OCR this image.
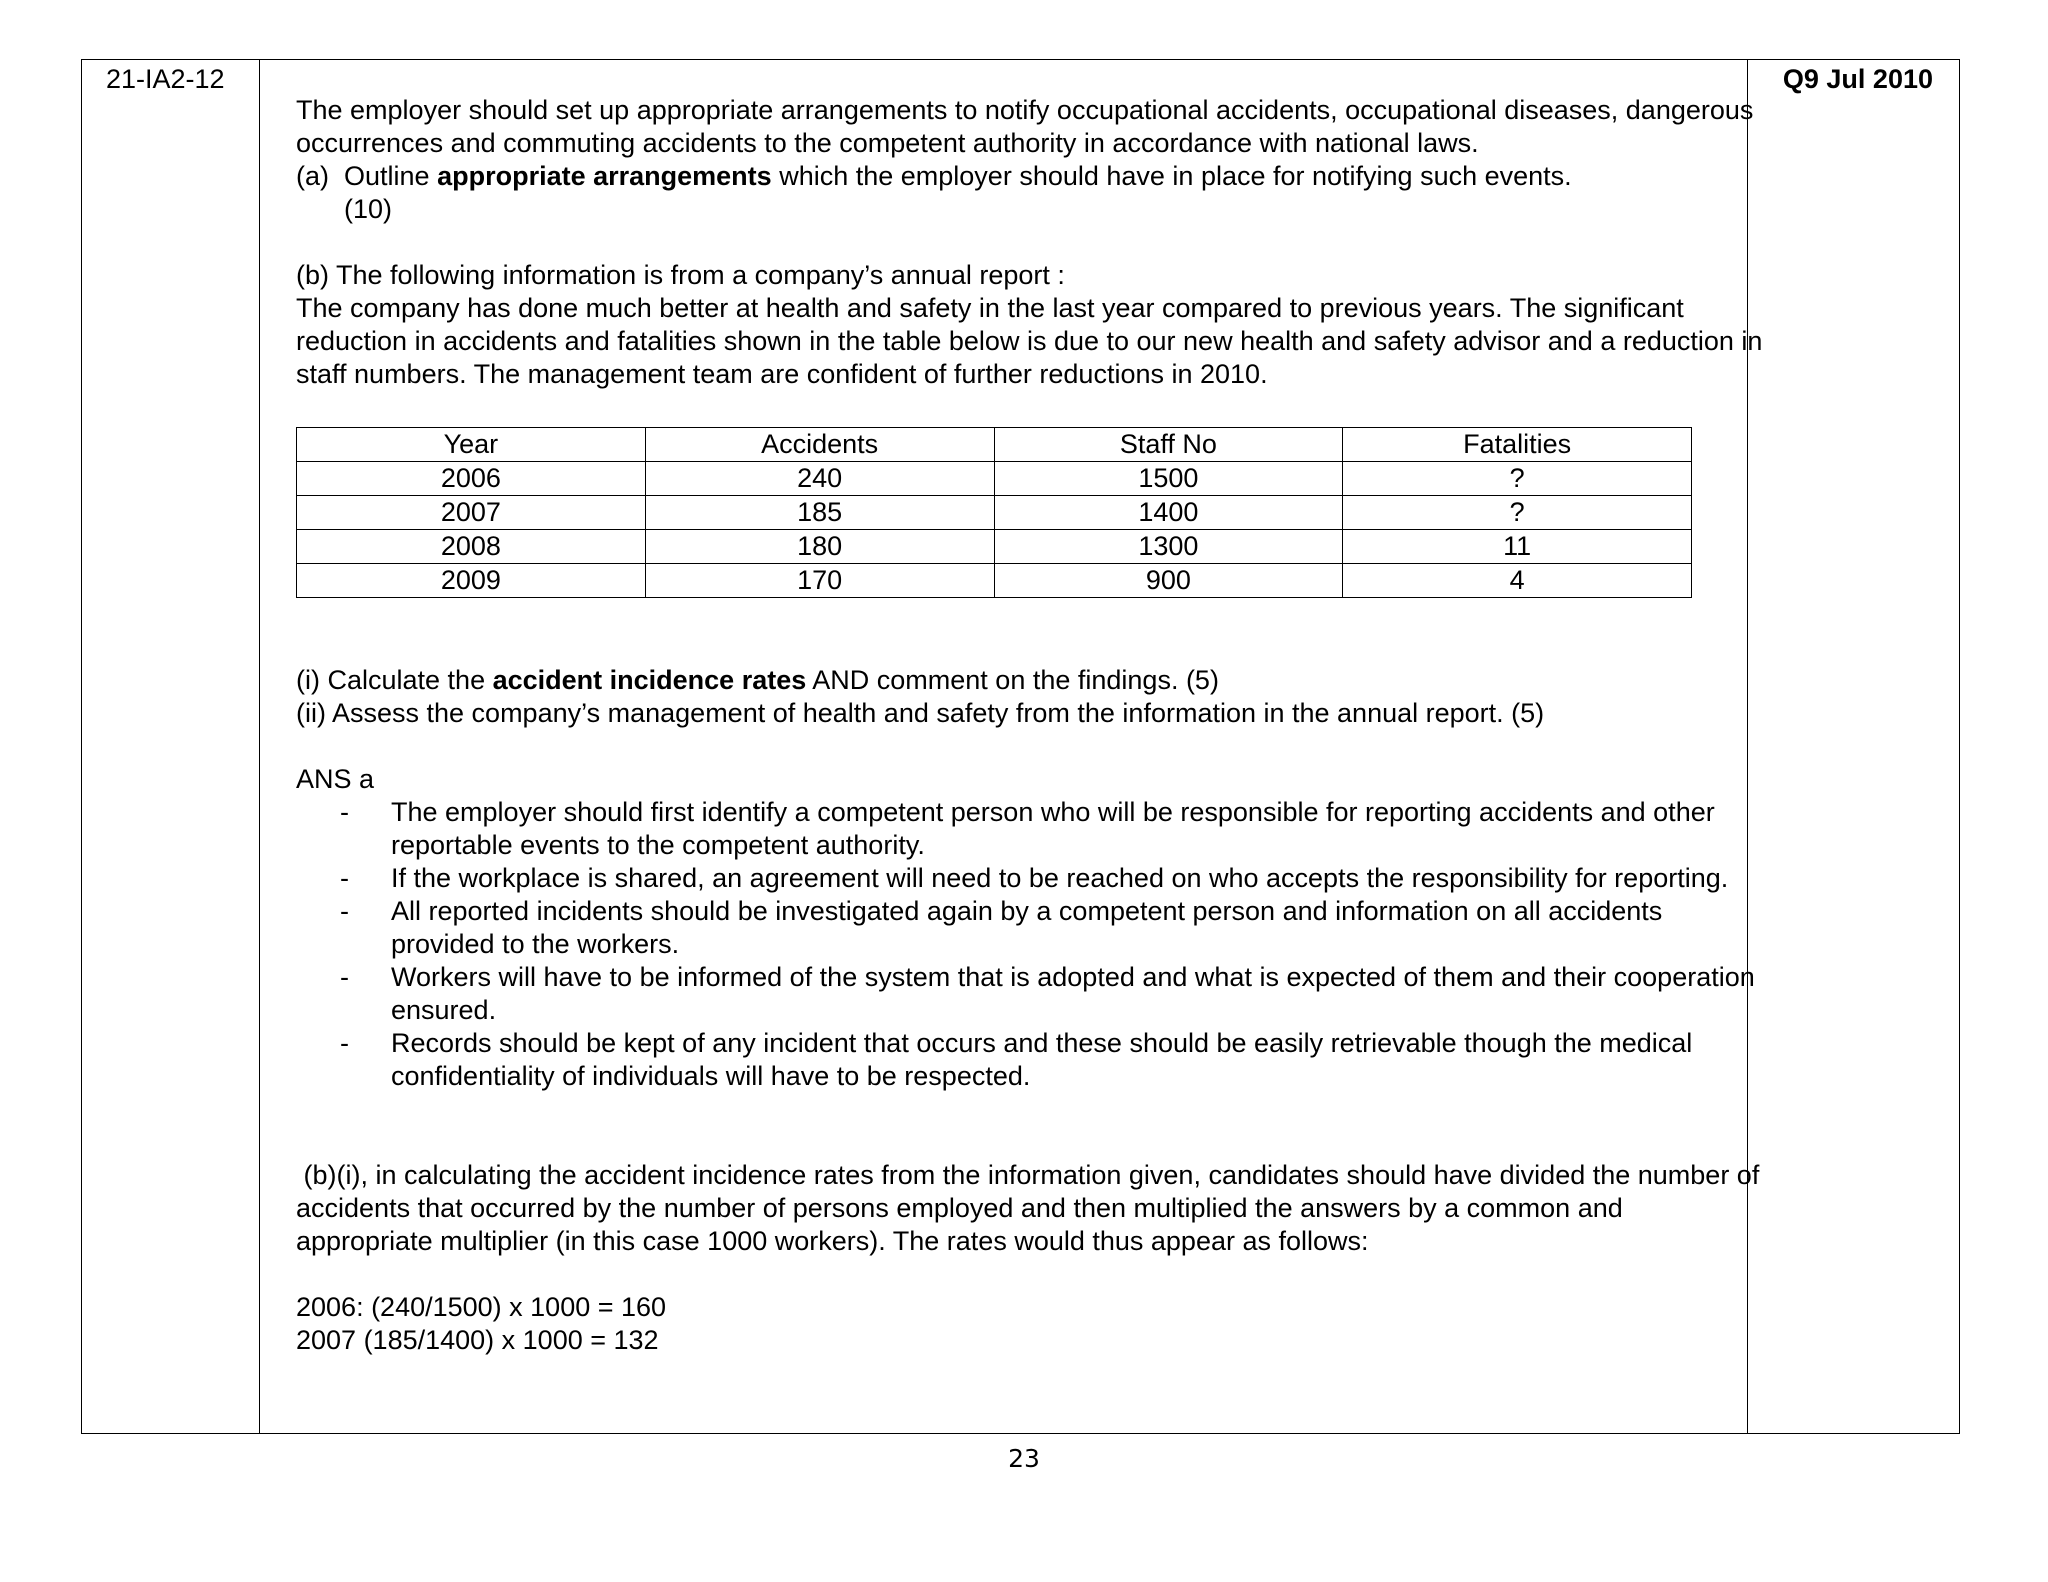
21-IA2-12	Q9 Jul 2010

The employer should set up appropriate arrangements to notify occupational accidents, occupational diseases, dangerous occurrences and commuting accidents to the competent authority in accordance with national laws.

(a) Outline appropriate arrangements which the employer should have in place for notifying such events.
(10)

(b) The following information is from a company’s annual report :

The company has done much better at health and safety in the last year compared to previous years. The significant reduction in accidents and fatalities shown in the table below is due to our new health and safety advisor and a reduction in staff numbers. The management team are confident of further reductions in 2010.

Year	Accidents	Staff No	Fatalities
2006	240	1500	?
2007	185	1400	?
2008	180	1300	11
2009	170	900	4

(i) Calculate the accident incidence rates AND comment on the findings. (5)

(ii) Assess the company’s management of health and safety from the information in the annual report. (5)

ANS a

-	The employer should first identify a competent person who will be responsible for reporting accidents and other reportable events to the competent authority.
-	If the workplace is shared, an agreement will need to be reached on who accepts the responsibility for reporting.
-	All reported incidents should be investigated again by a competent person and information on all accidents provided to the workers.
-	Workers will have to be informed of the system that is adopted and what is expected of them and their cooperation ensured.
-	Records should be kept of any incident that occurs and these should be easily retrievable though the medical confidentiality of individuals will have to be respected.

(b)(i), in calculating the accident incidence rates from the information given, candidates should have divided the number of accidents that occurred by the number of persons employed and then multiplied the answers by a common and appropriate multiplier (in this case 1000 workers). The rates would thus appear as follows:

2006: (240/1500) x 1000 = 160

2007 (185/1400) x 1000 = 132

23
